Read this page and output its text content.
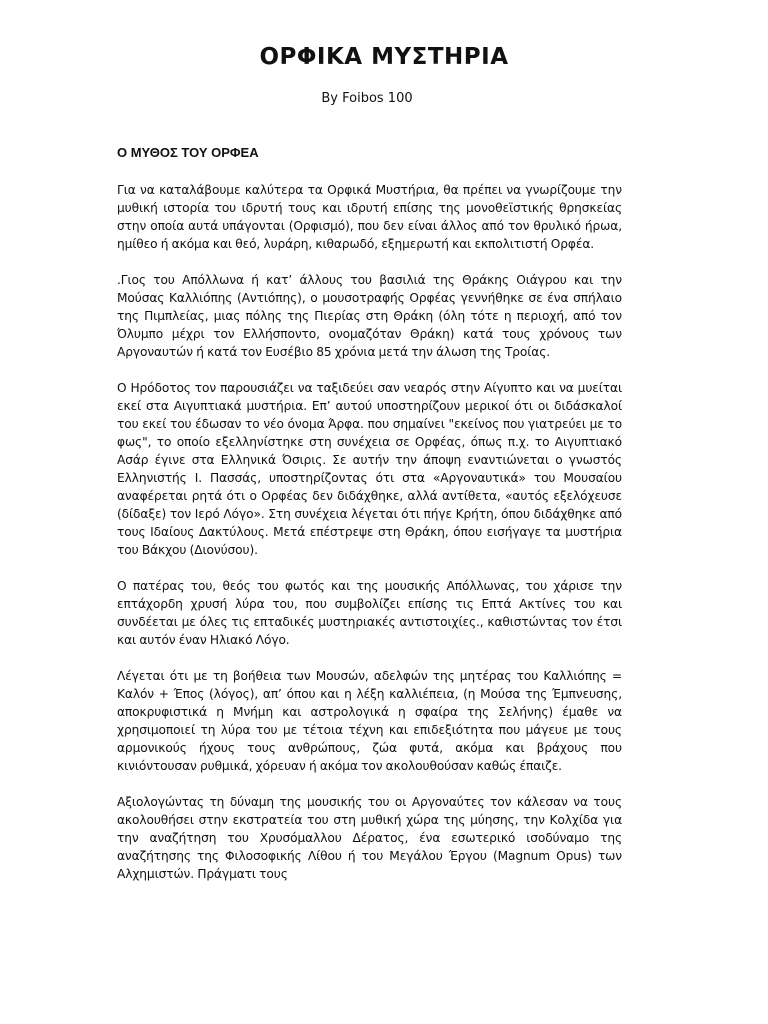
ΟΡΦΙΚΑ ΜΥΣΤΗΡΙΑ

By Foibos 100

Ο ΜΥΘΟΣ ΤΟΥ ΟΡΦΕΑ

Για να καταλάβουμε καλύτερα τα Ορφικά Μυστήρια, θα πρέπει να γνωρίζουμε την μυθική ιστορία του ιδρυτή τους και ιδρυτή επίσης της μονοθεϊστικής θρησκείας στην οποία αυτά υπάγονται (Ορφισμό), που δεν είναι άλλος από τον θρυλικό ήρωα, ημίθεο ή ακόμα και θεό, λυράρη, κιθαρωδό, εξημερωτή και εκπολιτιστή Ορφέα.

.Γιος του Απόλλωνα ή κατ’ άλλους του βασιλιά της Θράκης Οιάγρου και την Μούσας Καλλιόπης (Αντιόπης), ο μουσοτραφής Ορφέας γεννήθηκε σε ένα σπήλαιο της Πιμπλείας, μιας πόλης της Πιερίας στη Θράκη (όλη τότε η περιοχή, από τον Όλυμπο μέχρι τον Ελλήσποντο, ονομαζόταν Θράκη) κατά τους χρόνους των Αργοναυτών ή κατά τον Ευσέβιο 85 χρόνια μετά την άλωση της Τροίας.

Ο Ηρόδοτος τον παρουσιάζει να ταξιδεύει σαν νεαρός στην Αίγυπτο και να μυείται εκεί στα Αιγυπτιακά μυστήρια. Επ’ αυτού υποστηρίζουν μερικοί ότι οι διδάσκαλοί του εκεί του έδωσαν το νέο όνομα Άρφα. που σημαίνει "εκείνος που γιατρεύει με το φως", το οποίο εξελληνίστηκε στη συνέχεια σε Ορφέας, όπως π.χ. το Αιγυπτιακό Ασάρ έγινε στα Ελληνικά Όσιρις. Σε αυτήν την άποψη εναντιώνεται ο γνωστός Ελληνιστής Ι. Πασσάς, υποστηρίζοντας ότι στα «Αργοναυτικά» του Μουσαίου αναφέρεται ρητά ότι ο Ορφέας δεν διδάχθηκε, αλλά αντίθετα, «αυτός εξελόχευσε (δίδαξε) τον Ιερό Λόγο». Στη συνέχεια λέγεται ότι πήγε Κρήτη, όπου διδάχθηκε από τους Ιδαίους Δακτύλους. Μετά επέστρεψε στη Θράκη, όπου εισήγαγε τα μυστήρια του Βάκχου (Διονύσου).

Ο πατέρας του, θεός του φωτός και της μουσικής Απόλλωνας, του χάρισε την επτάχορδη χρυσή λύρα του, που συμβολίζει επίσης τις Επτά Ακτίνες του και συνδέεται με όλες τις επταδικές μυστηριακές αντιστοιχίες., καθιστώντας τον έτσι και αυτόν έναν Ηλιακό Λόγο.

Λέγεται ότι με τη βοήθεια των Μουσών, αδελφών της μητέρας του Καλλιόπης = Καλόν + Έπος (λόγος), απ’ όπου και η λέξη καλλιέπεια, (η Μούσα της Έμπνευσης, αποκρυφιστικά η Μνήμη και αστρολογικά η σφαίρα της Σελήνης) έμαθε να χρησιμοποιεί τη λύρα του με τέτοια τέχνη και επιδεξιότητα που μάγευε με τους αρμονικούς ήχους τους ανθρώπους, ζώα φυτά, ακόμα και βράχους που κινιόντουσαν ρυθμικά, χόρευαν ή ακόμα τον ακολουθούσαν καθώς έπαιζε.

Αξιολογώντας τη δύναμη της μουσικής του οι Αργοναύτες τον κάλεσαν να τους ακολουθήσει στην εκστρατεία του στη μυθική χώρα της μύησης, την Κολχίδα για την αναζήτηση του Χρυσόμαλλου Δέρατος, ένα εσωτερικό ισοδύναμο της αναζήτησης της Φιλοσοφικής Λίθου ή του Μεγάλου Έργου (Magnum Opus) των Αλχημιστών. Πράγματι τους
